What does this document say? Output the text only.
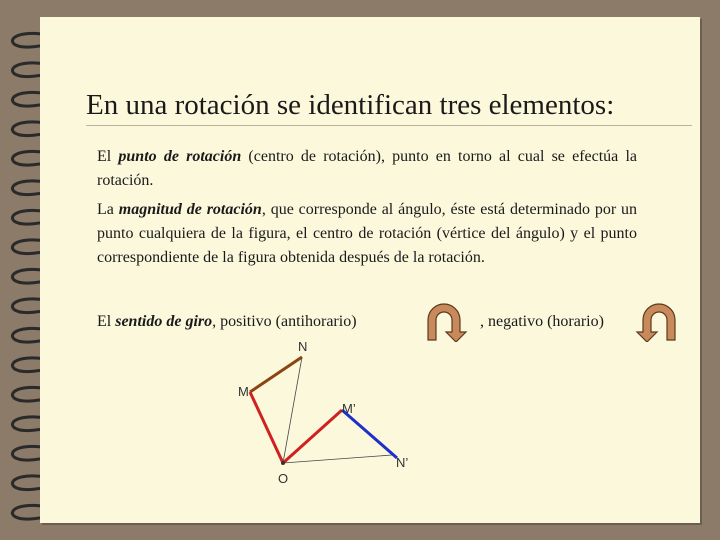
En una rotación se identifican tres elementos:

El punto de rotación (centro de rotación), punto en torno al cual se efectúa la rotación.

La magnitud de rotación, que corresponde al ángulo, éste está determinado por un punto cualquiera de la figura, el centro de rotación (vértice del ángulo) y el punto correspondiente de la figura obtenida después de la rotación.

El sentido de giro, positivo (antihorario)	, negativo (horario)
N
M
M’
N’
O
